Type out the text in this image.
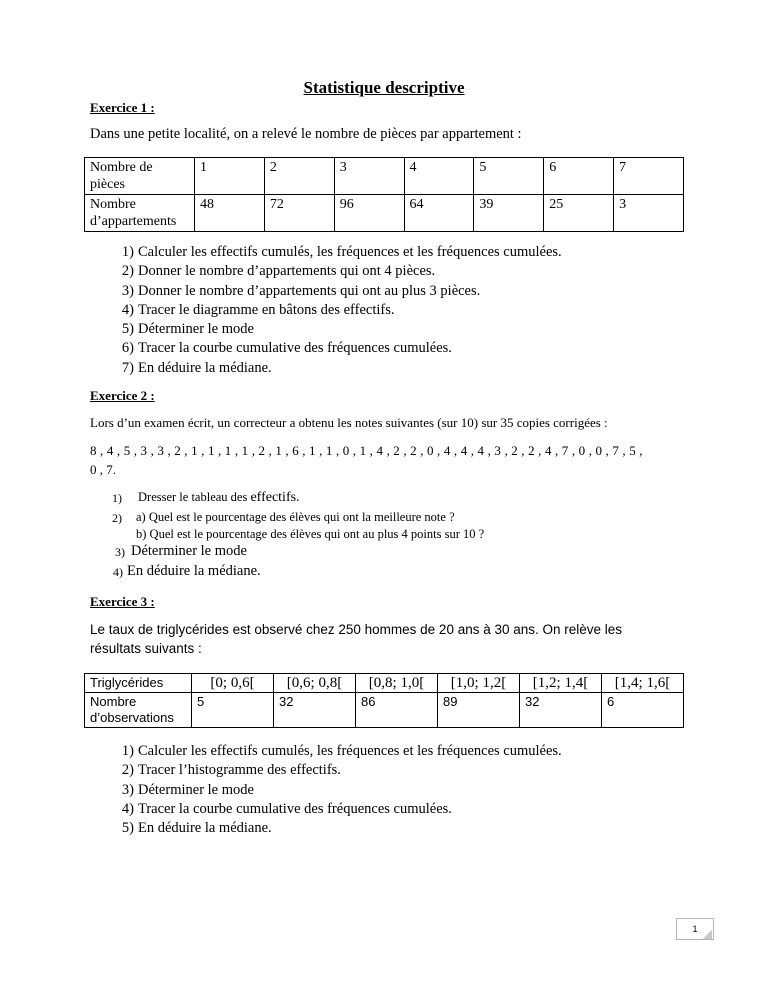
Statistique descriptive
Exercice 1 :
Dans une petite localité, on a relevé le nombre de pièces par appartement :
Nombre de pièces	1	2	3	4	5	6	7
Nombre d’appartements	48	72	96	64	39	25	3
1) Calculer les effectifs cumulés, les fréquences et les fréquences cumulées.
2) Donner le nombre d’appartements qui ont 4 pièces.
3) Donner le nombre d’appartements qui ont au plus 3 pièces.
4) Tracer le diagramme en bâtons des effectifs.
5) Déterminer le mode
6) Tracer la courbe cumulative des fréquences cumulées.
7) En déduire la médiane.
Exercice 2 :
Lors d’un examen écrit, un correcteur a obtenu les notes suivantes (sur 10) sur 35 copies corrigées :
8 , 4 , 5 , 3 , 3 , 2 , 1 , 1 , 1 , 1 , 2 , 1 , 6 , 1 , 1 , 0 , 1 , 4 , 2 , 2 , 0 , 4 , 4 , 4 , 3 , 2 , 2 , 4 , 7 , 0 , 0 , 7 , 5 ,
0 , 7.
1) Dresser le tableau des effectifs.
2) a) Quel est le pourcentage des élèves qui ont la meilleure note ?
b) Quel est le pourcentage des élèves qui ont au plus 4 points sur 10 ?
3) Déterminer le mode
4) En déduire la médiane.
Exercice 3 :
Le taux de triglycérides est observé chez 250 hommes de 20 ans à 30 ans. On relève les
résultats suivants :
Triglycérides	[0; 0,6[	[0,6; 0,8[	[0,8; 1,0[	[1,0; 1,2[	[1,2; 1,4[	[1,4; 1,6[
Nombre d’observations	5	32	86	89	32	6
1) Calculer les effectifs cumulés, les fréquences et les fréquences cumulées.
2) Tracer l’histogramme des effectifs.
3) Déterminer le mode
4) Tracer la courbe cumulative des fréquences cumulées.
5) En déduire la médiane.
1
